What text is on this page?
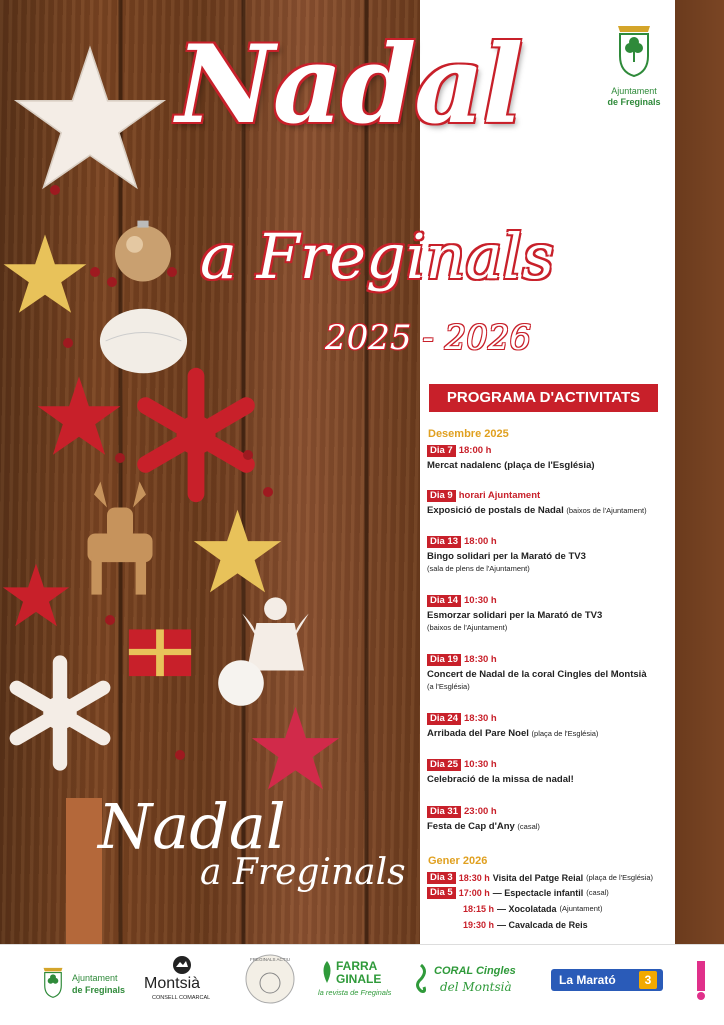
Ajuntament
de Freginals
Nadal
a Freginals
2025 - 2026
Nadal
a Freginals
PROGRAMA D'ACTIVITATS
Desembre 2025
Dia 7 18:00 h
Mercat nadalenc (plaça de l'Església)
Dia 9 horari Ajuntament
Exposició de postals de Nadal (baixos de l'Ajuntament)
Dia 13 18:00 h
Bingo solidari per la Marató de TV3
(sala de plens de l'Ajuntament)
Dia 14 10:30 h
Esmorzar solidari per la Marató de TV3
(baixos de l'Ajuntament)
Dia 19 18:30 h
Concert de Nadal de la coral Cingles del Montsià
(a l'Església)
Dia 24 18:30 h
Arribada del Pare Noel (plaça de l'Església)
Dia 25 10:30 h
Celebració de la missa de nadal!
Dia 31 23:00 h
Festa de Cap d'Any (casal)
Gener 2026
Dia 3 18:30 h Visita del Patge Reial (plaça de l'Església)
Dia 5 17:00 h — Espectacle infantil (casal)
18:15 h — Xocolatada (Ajuntament)
19:30 h — Cavalcada de Reis
Ajuntament
de Freginals Montsià
CONSELL COMARCAL
FREGINALS ACTIU	FARRA
GINALE
la revista de Freginals
CORAL Cingles
del Montsià	La Marató	3
